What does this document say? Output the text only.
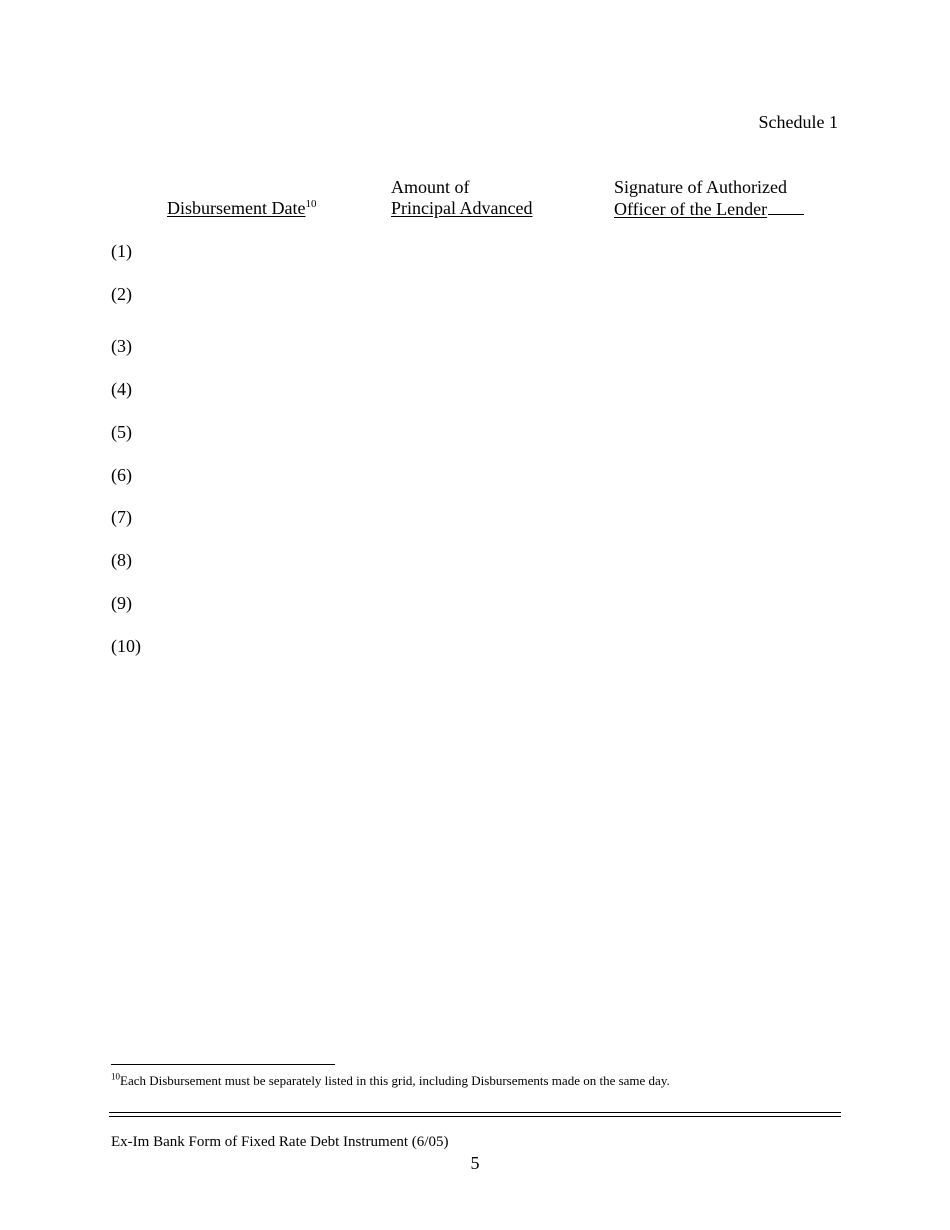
Schedule 1
Disbursement Date$^{10}$
Amount of
Principal Advanced
Signature of Authorized
Officer of the Lender
(1)
(2)
(3)
(4)
(5)
(6)
(7)
(8)
(9)
(10)
$^{10}$Each Disbursement must be separately listed in this grid, including Disbursements made on the same day.
Ex-Im Bank Form of Fixed Rate Debt Instrument (6/05)
5
